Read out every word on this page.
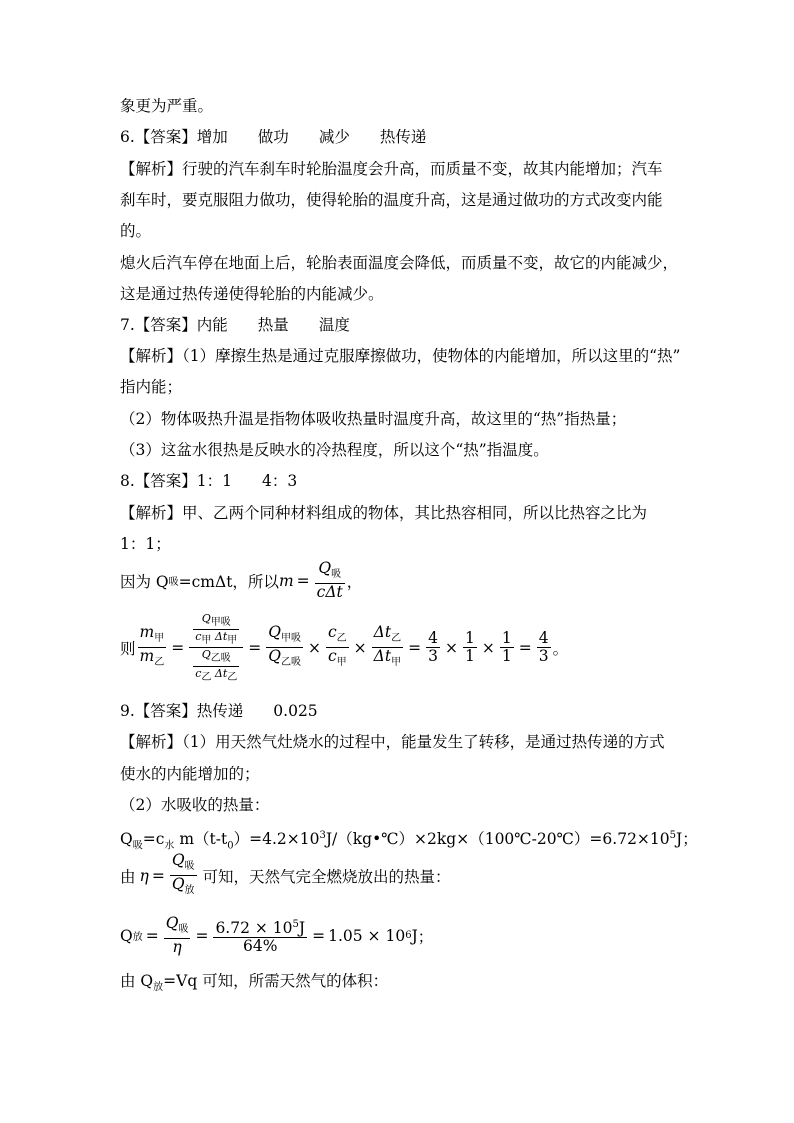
象更为严重。
6.【答案】增加 做功 减少 热传递
【解析】行驶的汽车刹车时轮胎温度会升高，而质量不变，故其内能增加；汽车
刹车时，要克服阻力做功，使得轮胎的温度升高，这是通过做功的方式改变内能
的。
熄火后汽车停在地面上后，轮胎表面温度会降低，而质量不变，故它的内能减少，
这是通过热传递使得轮胎的内能减少。
7.【答案】内能 热量 温度
【解析】（1）摩擦生热是通过克服摩擦做功，使物体的内能增加，所以这里的“热”
指内能；
（2）物体吸热升温是指物体吸收热量时温度升高，故这里的“热”指热量；
（3）这盆水很热是反映水的冷热程度，所以这个“热”指温度。
8.【答案】1：1 4：3
【解析】甲、乙两个同种材料组成的物体，其比热容相同，所以比热容之比为
1：1；
因为 Q 吸 =cmΔt，所以 $m = \frac{Q_吸}{\text{cΔt}}$ ，
则 $\frac{m_甲}{m_乙} = \frac{\frac{Q_{甲吸}}{c_甲 \Delta t_甲}}{\frac{Q_{乙吸}}{c_乙 \Delta t_乙}} = \frac{Q_{甲吸}}{Q_{乙吸}} \times \frac{c_乙}{c_甲} \times \frac{\Delta t_乙}{\Delta t_甲} = \frac{4}{3} \times \frac{1}{1} \times \frac{1}{1} = \frac{4}{3}$ 。
9.【答案】热传递 0.025
【解析】（1）用天然气灶烧水的过程中，能量发生了转移，是通过热传递的方式
使水的内能增加的；
（2）水吸收的热量：
$Q_吸=c_水$ $m(t-t_0)=4.2\times 10^3J/(kg•℃)\times 2kg\times(100℃-20℃)=6.72\times 10^5J$；
由 $\eta = \frac{Q_吸}{Q_放}$ 可知，天然气完全燃烧放出的热量：
Q 放 = $\frac{Q_吸}{\eta} = \frac{6.72 \times 10^5J}{64\%} = 1.05 \times 10$ 6 J ；
由 $Q_放=Vq$ 可知，所需天然气的体积：
